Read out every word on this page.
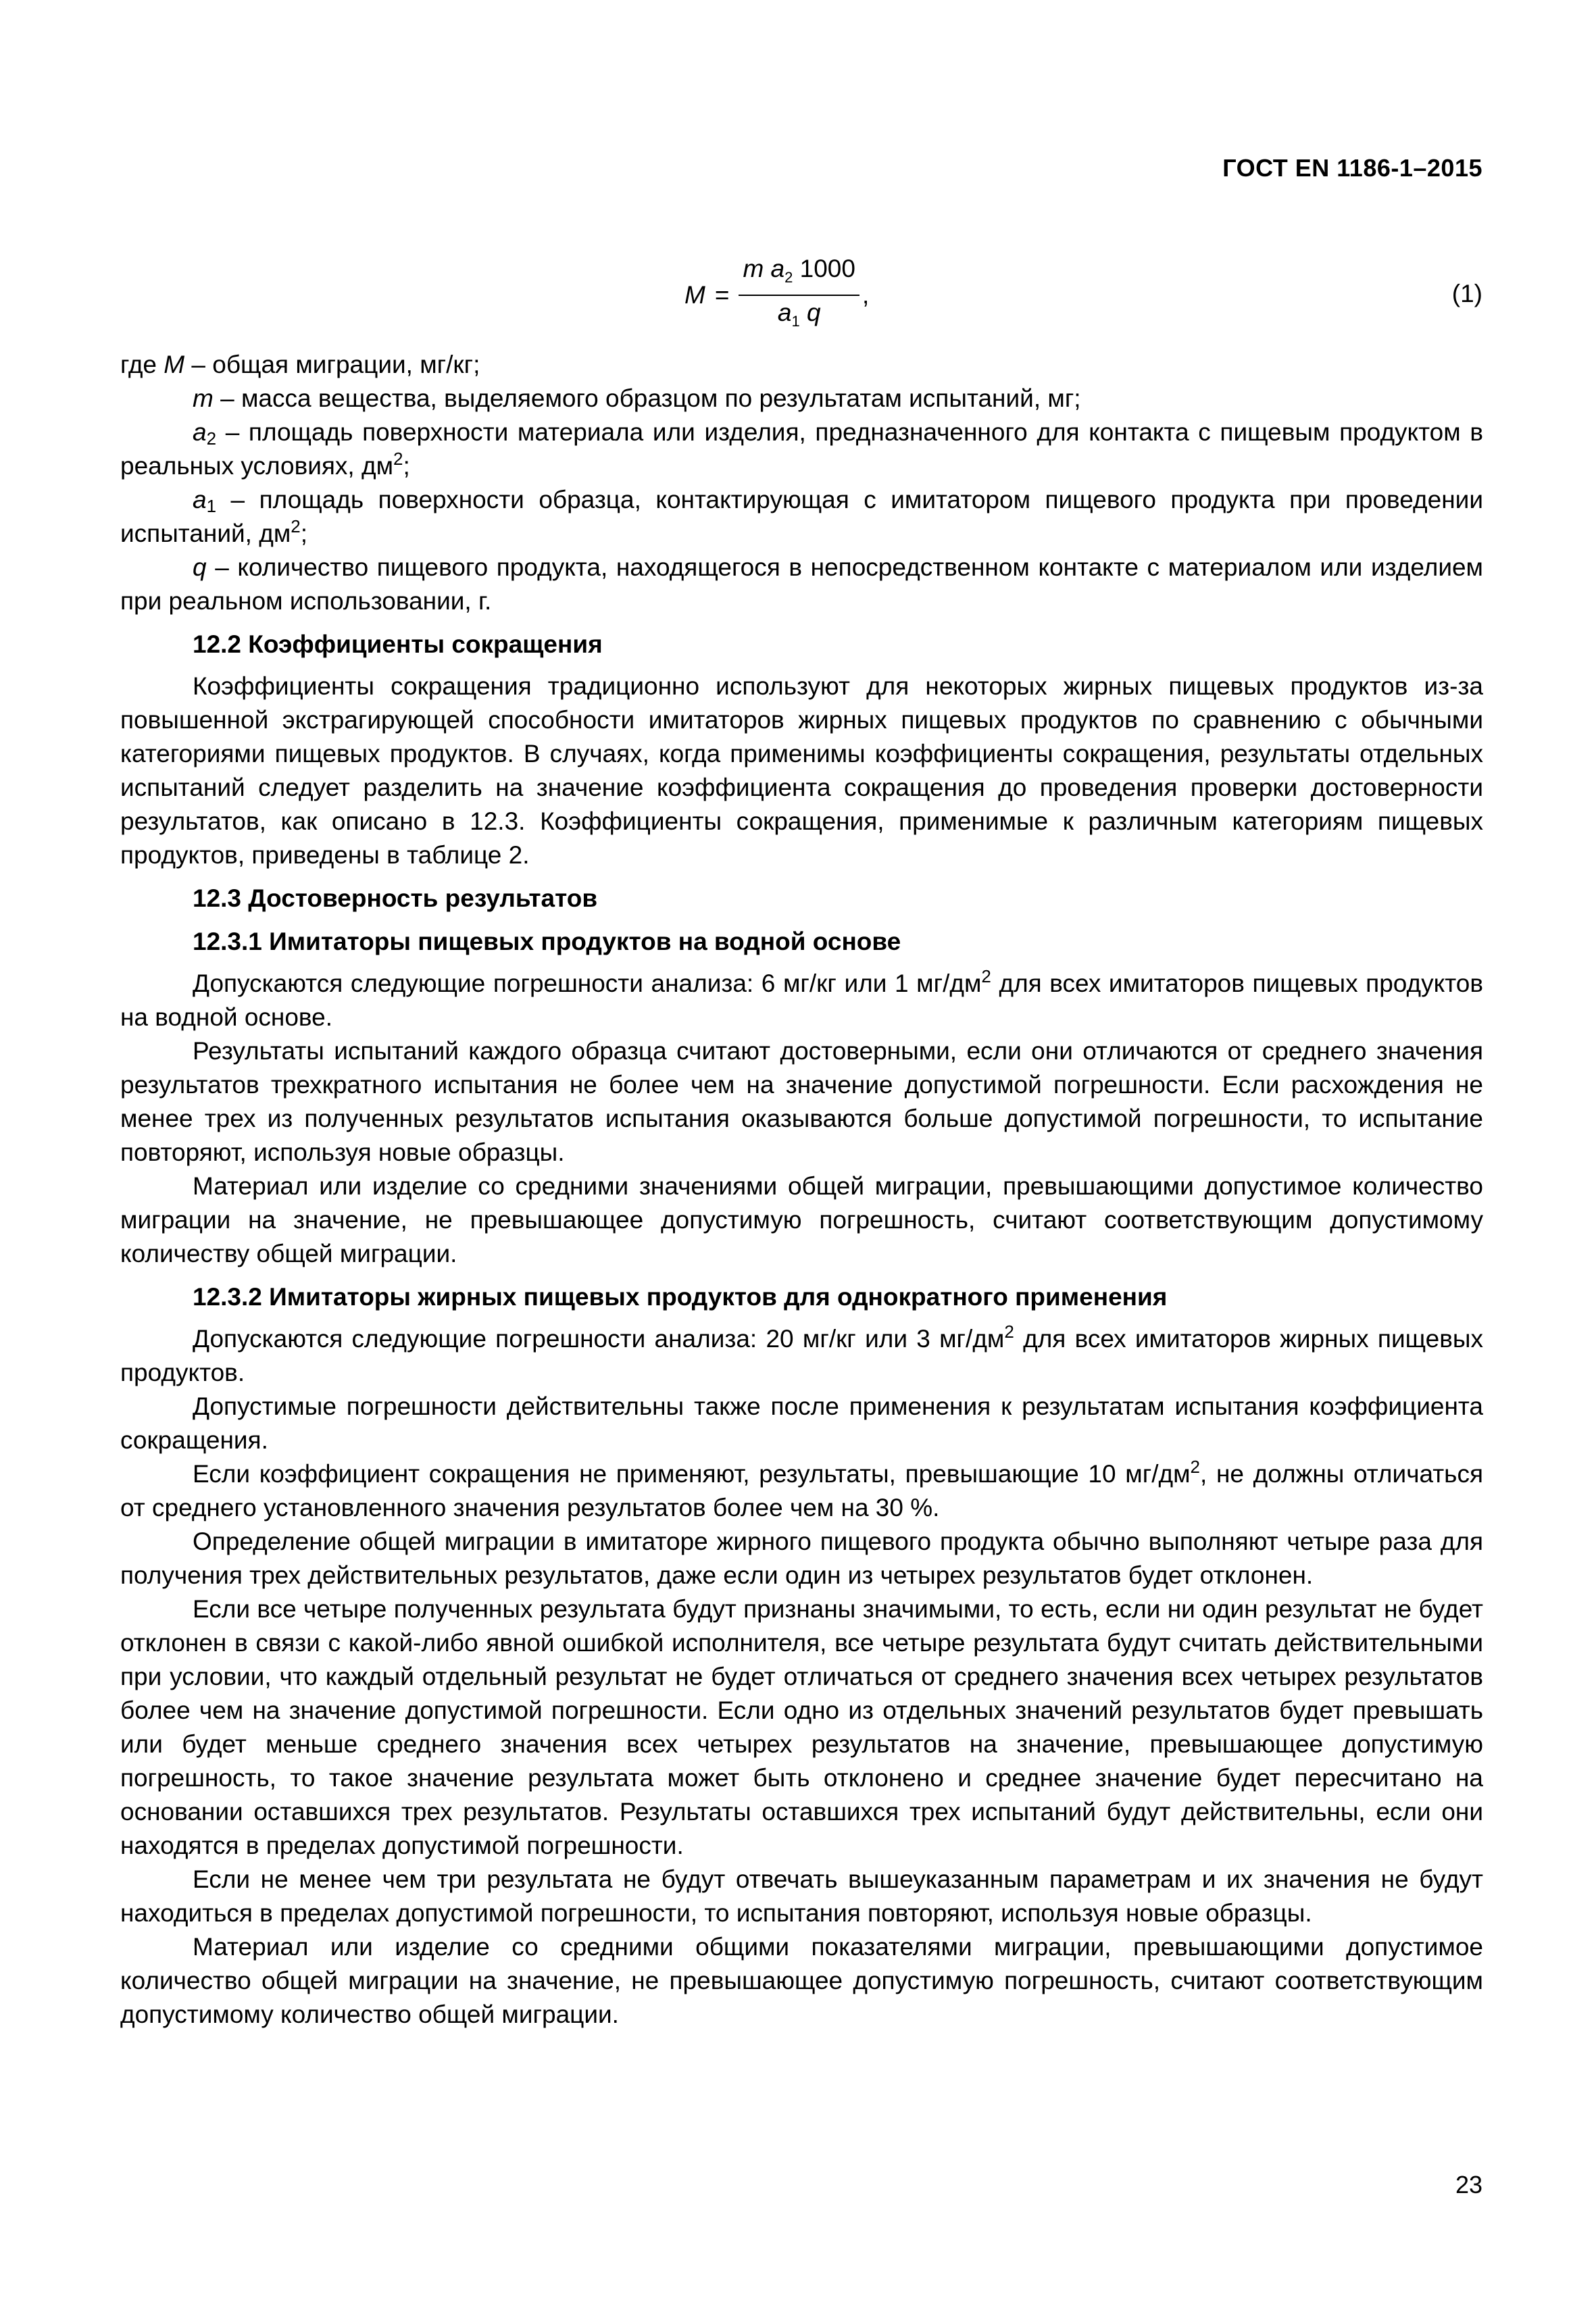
ГОСТ EN 1186-1–2015
$M = \frac{m a_2 1000}{a_1 q}$ ,	(1)

где M – общая миграции, мг/кг;

m – масса вещества, выделяемого образцом по результатам испытаний, мг;

$a_2$ – площадь поверхности материала или изделия, предназначенного для контакта с пищевым продуктом в реальных условиях, $дм^2$;

$a_1$ – площадь поверхности образца, контактирующая с имитатором пищевого продукта при проведении испытаний, $дм^2$;

q – количество пищевого продукта, находящегося в непосредственном контакте с материалом или изделием при реальном использовании, г.

12.2 Коэффициенты сокращения

Коэффициенты сокращения традиционно используют для некоторых жирных пищевых продуктов из-за повышенной экстрагирующей способности имитаторов жирных пищевых продуктов по сравнению с обычными категориями пищевых продуктов. В случаях, когда применимы коэффициенты сокращения, результаты отдельных испытаний следует разделить на значение коэффициента сокращения до проведения проверки достоверности результатов, как описано в 12.3. Коэффициенты сокращения, применимые к различным категориям пищевых продуктов, приведены в таблице 2.

12.3 Достоверность результатов
12.3.1 Имитаторы пищевых продуктов на водной основе

Допускаются следующие погрешности анализа: 6 мг/кг или 1 $мг/дм^2$ для всех имитаторов пищевых продуктов на водной основе.

Результаты испытаний каждого образца считают достоверными, если они отличаются от среднего значения результатов трехкратного испытания не более чем на значение допустимой погрешности. Если расхождения не менее трех из полученных результатов испытания оказываются больше допустимой погрешности, то испытание повторяют, используя новые образцы.

Материал или изделие со средними значениями общей миграции, превышающими допустимое количество миграции на значение, не превышающее допустимую погрешность, считают соответствующим допустимому количеству общей миграции.

12.3.2 Имитаторы жирных пищевых продуктов для однократного применения

Допускаются следующие погрешности анализа: 20 мг/кг или 3 $мг/дм^2$ для всех имитаторов жирных пищевых продуктов.

Допустимые погрешности действительны также после применения к результатам испытания коэффициента сокращения.

Если коэффициент сокращения не применяют, результаты, превышающие 10 $мг/дм^2$, не должны отличаться от среднего установленного значения результатов более чем на 30 %.

Определение общей миграции в имитаторе жирного пищевого продукта обычно выполняют четыре раза для получения трех действительных результатов, даже если один из четырех результатов будет отклонен.

Если все четыре полученных результата будут признаны значимыми, то есть, если ни один результат не будет отклонен в связи с какой-либо явной ошибкой исполнителя, все четыре результата будут считать действительными при условии, что каждый отдельный результат не будет отличаться от среднего значения всех четырех результатов более чем на значение допустимой погрешности. Если одно из отдельных значений результатов будет превышать или будет меньше среднего значения всех четырех результатов на значение, превышающее допустимую погрешность, то такое значение результата может быть отклонено и среднее значение будет пересчитано на основании оставшихся трех результатов. Результаты оставшихся трех испытаний будут действительны, если они находятся в пределах допустимой погрешности.

Если не менее чем три результата не будут отвечать вышеуказанным параметрам и их значения не будут находиться в пределах допустимой погрешности, то испытания повторяют, используя новые образцы.

Материал или изделие со средними общими показателями миграции, превышающими допустимое количество общей миграции на значение, не превышающее допустимую погрешность, считают соответствующим допустимому количество общей миграции.

23
